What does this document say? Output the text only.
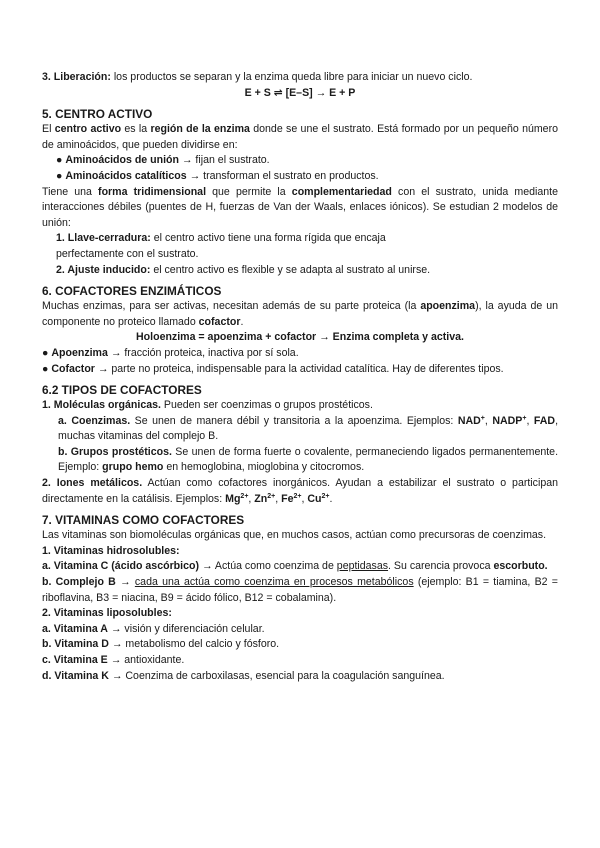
3. Liberación: los productos se separan y la enzima queda libre para iniciar un nuevo ciclo.

E + S ⇌ [E–S] → E + P

5. CENTRO ACTIVO

El centro activo es la región de la enzima donde se une el sustrato. Está formado por un pequeño número de aminoácidos, que pueden dividirse en:

● Aminoácidos de unión → fijan el sustrato.

● Aminoácidos catalíticos → transforman el sustrato en productos.

Tiene una forma tridimensional que permite la complementariedad con el sustrato, unida mediante interacciones débiles (puentes de H, fuerzas de Van der Waals, enlaces iónicos). Se estudian 2 modelos de unión:

1. Llave-cerradura: el centro activo tiene una forma rígida que encaja

perfectamente con el sustrato.

2. Ajuste inducido: el centro activo es flexible y se adapta al sustrato al unirse.

6. COFACTORES ENZIMÁTICOS

Muchas enzimas, para ser activas, necesitan además de su parte proteica (la apoenzima), la ayuda de un componente no proteico llamado cofactor.

Holoenzima = apoenzima + cofactor → Enzima completa y activa.

● Apoenzima → fracción proteica, inactiva por sí sola.

● Cofactor → parte no proteica, indispensable para la actividad catalítica. Hay de diferentes tipos.

6.2 TIPOS DE COFACTORES

1. Moléculas orgánicas. Pueden ser coenzimas o grupos prostéticos.

a. Coenzimas. Se unen de manera débil y transitoria a la apoenzima. Ejemplos: NAD+, NADP+, FAD, muchas vitaminas del complejo B.

b. Grupos prostéticos. Se unen de forma fuerte o covalente, permaneciendo ligados permanentemente. Ejemplo: grupo hemo en hemoglobina, mioglobina y citocromos.

2. Iones metálicos. Actúan como cofactores inorgánicos. Ayudan a estabilizar el sustrato o participan directamente en la catálisis. Ejemplos: $Mg^{2+}$, $Zn^{2+}$, $Fe^{2+}$, $Cu^{2+}$.

7. VITAMINAS COMO COFACTORES

Las vitaminas son biomoléculas orgánicas que, en muchos casos, actúan como precursoras de coenzimas.

1. Vitaminas hidrosolubles:

a. Vitamina C (ácido ascórbico) → Actúa como coenzima de peptidasas. Su carencia provoca escorbuto.

b. Complejo B → cada una actúa como coenzima en procesos metabólicos (ejemplo: B1 = tiamina, B2 = riboflavina, B3 = niacina, B9 = ácido fólico, B12 = cobalamina).

2. Vitaminas liposolubles:

a. Vitamina A → visión y diferenciación celular.

b. Vitamina D → metabolismo del calcio y fósforo.

c. Vitamina E → antioxidante.

d. Vitamina K → Coenzima de carboxilasas, esencial para la coagulación sanguínea.
